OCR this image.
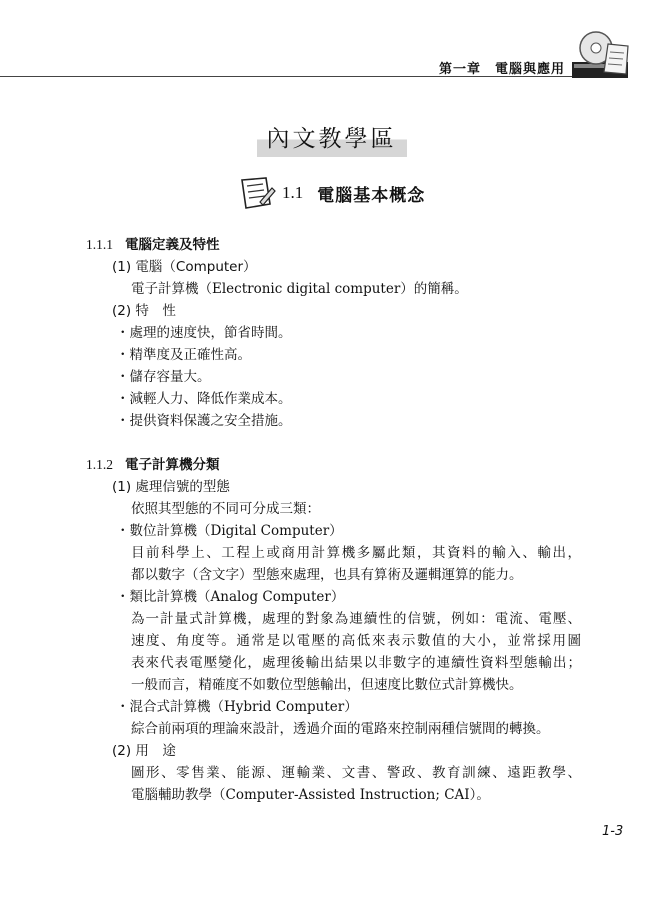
第一章　電腦與應用
內文教學區
1.1 電腦基本概念
1.1.1 電腦定義及特性
(1) 電腦（Computer）
電子計算機（Electronic digital computer）的簡稱。
(2) 特　性
・處理的速度快，節省時間。
・精準度及正確性高。
・儲存容量大。
・減輕人力、降低作業成本。
・提供資料保護之安全措施。
1.1.2 電子計算機分類
(1) 處理信號的型態
依照其型態的不同可分成三類：
・數位計算機（Digital Computer）
目前科學上、工程上或商用計算機多屬此類，其資料的輸入、輸出，
都以數字（含文字）型態來處理，也具有算術及邏輯運算的能力。
・類比計算機（Analog Computer）
為一計量式計算機，處理的對象為連續性的信號，例如：電流、電壓、
速度、角度等。通常是以電壓的高低來表示數值的大小，並常採用圖
表來代表電壓變化，處理後輸出結果以非數字的連續性資料型態輸出；
一般而言，精確度不如數位型態輸出，但速度比數位式計算機快。
・混合式計算機（Hybrid Computer）
綜合前兩項的理論來設計，透過介面的電路來控制兩種信號間的轉換。
(2) 用　途
圖形、零售業、能源、運輸業、文書、警政、教育訓練、遠距教學、
電腦輔助教學（Computer-Assisted Instruction; CAI）。
1-3
